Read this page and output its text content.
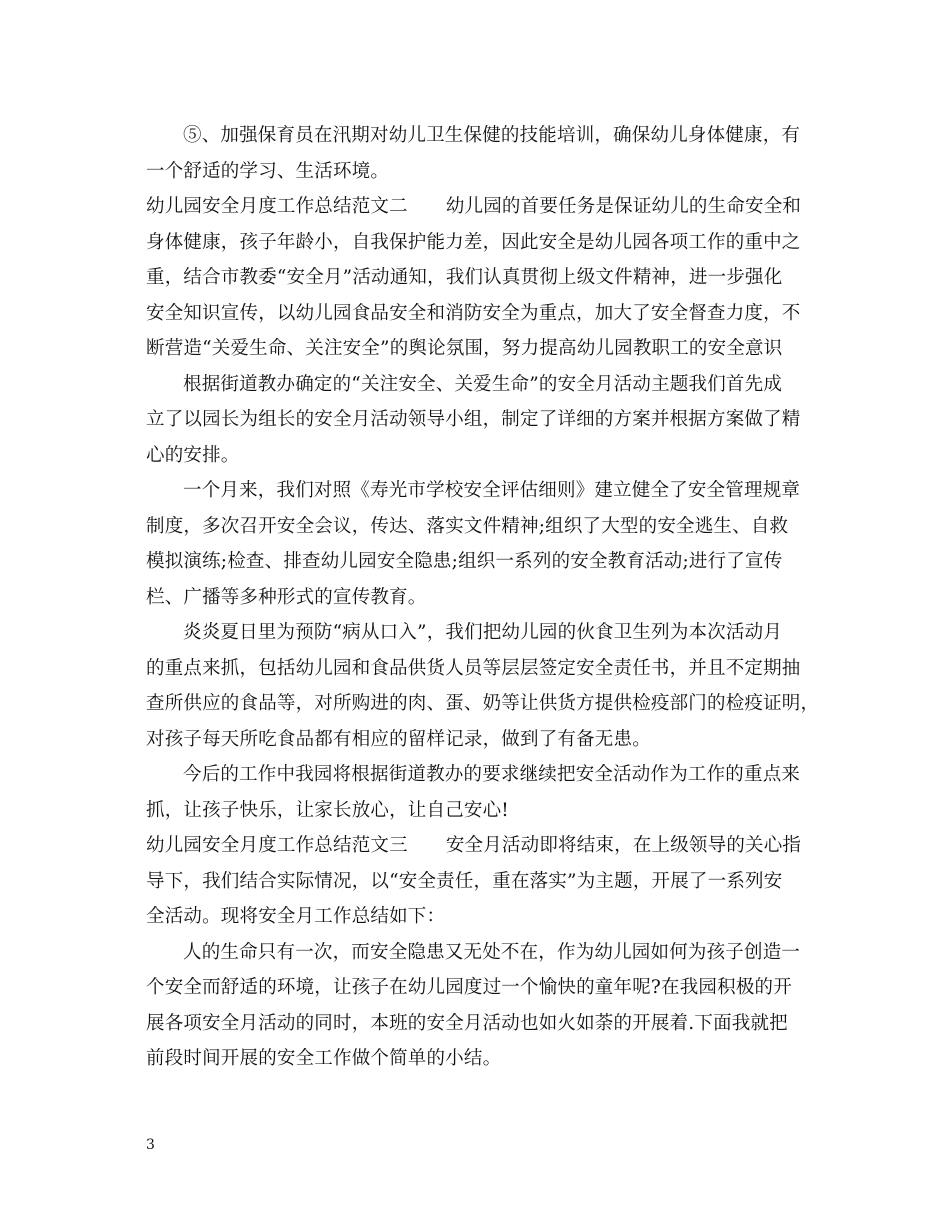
⑤、加强保育员在汛期对幼儿卫生保健的技能培训，确保幼儿身体健康，有
一个舒适的学习、生活环境。
幼儿园安全月度工作总结范文二 幼儿园的首要任务是保证幼儿的生命安全和
身体健康，孩子年龄小，自我保护能力差，因此安全是幼儿园各项工作的重中之
重，结合市教委“安全月”活动通知，我们认真贯彻上级文件精神，进一步强化
安全知识宣传，以幼儿园食品安全和消防安全为重点，加大了安全督查力度，不
断营造“关爱生命、关注安全”的舆论氛围，努力提高幼儿园教职工的安全意识
根据街道教办确定的“关注安全、关爱生命”的安全月活动主题我们首先成
立了以园长为组长的安全月活动领导小组，制定了详细的方案并根据方案做了精
心的安排。
一个月来，我们对照《寿光市学校安全评估细则》建立健全了安全管理规章
制度，多次召开安全会议，传达、落实文件精神;组织了大型的安全逃生、自救
模拟演练;检查、排查幼儿园安全隐患;组织一系列的安全教育活动;进行了宣传
栏、广播等多种形式的宣传教育。
炎炎夏日里为预防“病从口入”，我们把幼儿园的伙食卫生列为本次活动月
的重点来抓，包括幼儿园和食品供货人员等层层签定安全责任书，并且不定期抽
查所供应的食品等，对所购进的肉、蛋、奶等让供货方提供检疫部门的检疫证明，
对孩子每天所吃食品都有相应的留样记录，做到了有备无患。
今后的工作中我园将根据街道教办的要求继续把安全活动作为工作的重点来
抓，让孩子快乐，让家长放心，让自己安心!
幼儿园安全月度工作总结范文三 安全月活动即将结束，在上级领导的关心指
导下，我们结合实际情况，以“安全责任，重在落实”为主题，开展了一系列安
全活动。现将安全月工作总结如下：
人的生命只有一次，而安全隐患又无处不在，作为幼儿园如何为孩子创造一
个安全而舒适的环境，让孩子在幼儿园度过一个愉快的童年呢?在我园积极的开
展各项安全月活动的同时，本班的安全月活动也如火如荼的开展着.下面我就把
前段时间开展的安全工作做个简单的小结。
3
